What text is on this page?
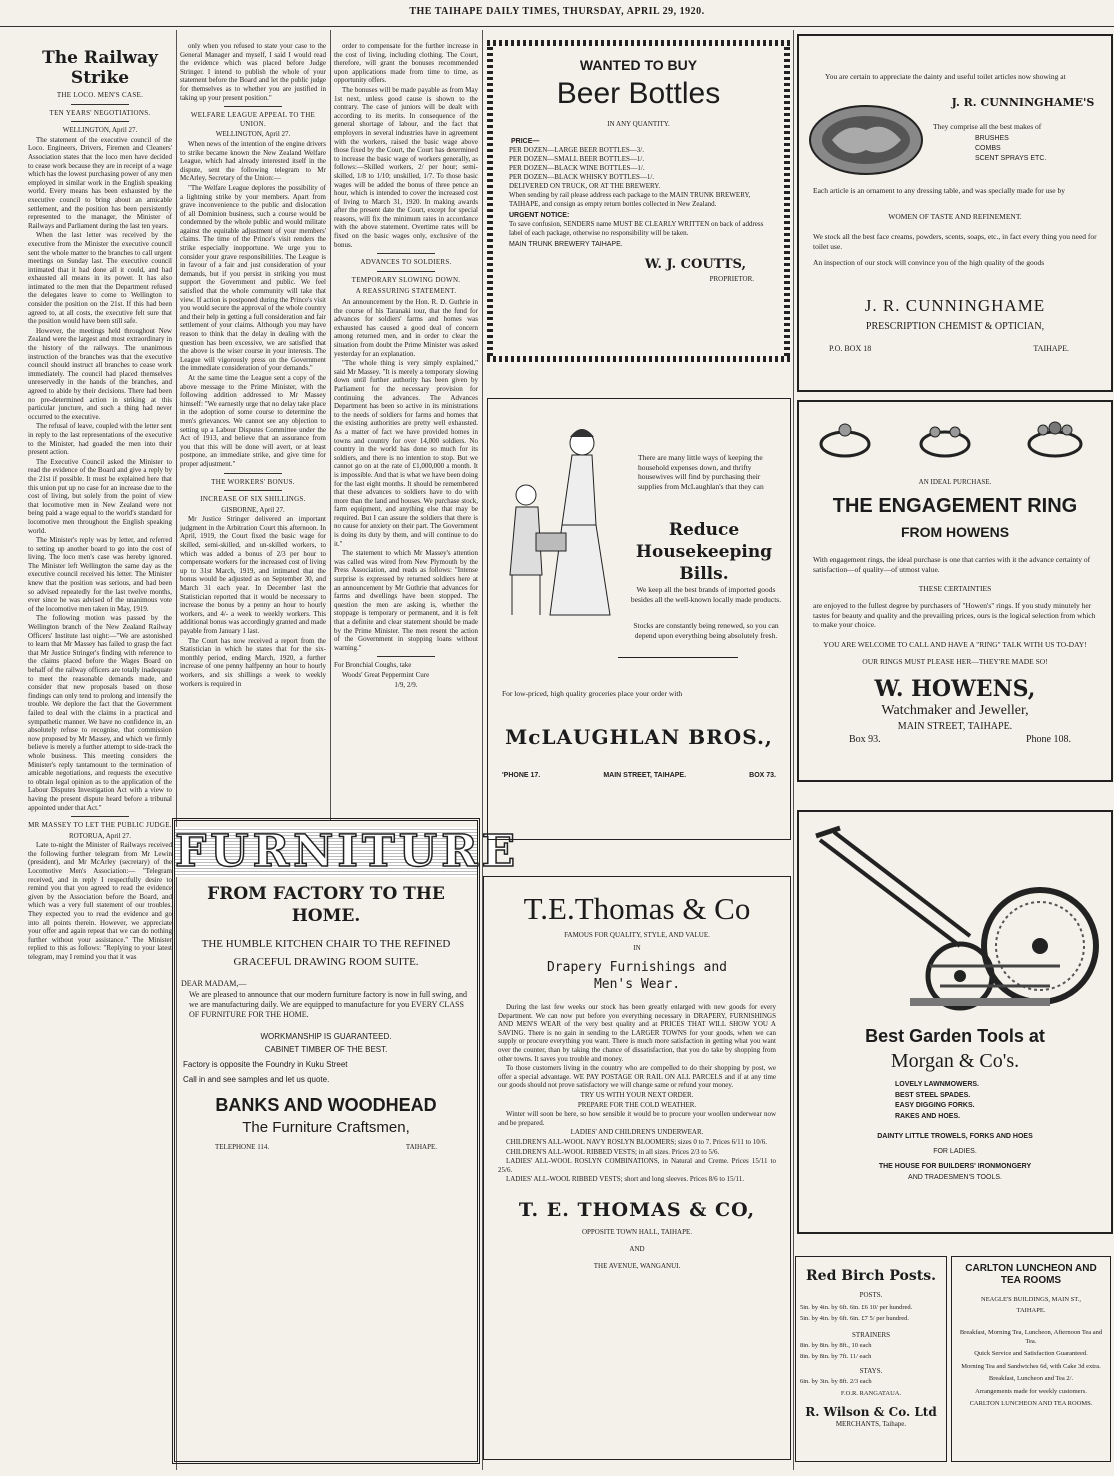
THE TAIHAPE DAILY TIMES, THURSDAY, APRIL 29, 1920.
The Railway Strike

THE LOCO. MEN'S CASE.

TEN YEARS' NEGOTIATIONS.

WELLINGTON, April 27.

The statement of the executive council of the Loco. Engineers, Drivers, Firemen and Cleaners' Association states that the loco men have decided to cease work because they are in receipt of a wage which has the lowest purchasing power of any men employed in similar work in the English speaking world. Every means has been exhausted by the executive council to bring about an amicable settlement, and the position has been persistently represented to the manager, the Minister of Railways and Parliament during the last ten years.

When the last letter was received by the executive from the Minister the executive council sent the whole matter to the branches to call urgent meetings on Sunday last. The executive council intimated that it had done all it could, and had exhausted all means in its power. It has also intimated to the men that the Department refused the delegates leave to come to Wellington to consider the position on the 21st. If this had been agreed to, at all costs, the executive felt sure that the position would have been still safe.

However, the meetings held throughout New Zealand were the largest and most extraordinary in the history of the railways. The unanimous instruction of the branches was that the executive council should instruct all branches to cease work immediately. The council had placed themselves unreservedly in the hands of the branches, and agreed to abide by their decisions. There had been no pre-determined action in striking at this particular juncture, and such a thing had never occurred to the executive.

The refusal of leave, coupled with the letter sent in reply to the last representations of the executive to the Minister, had goaded the men into their present action.

The Executive Council asked the Minister to read the evidence of the Board and give a reply by the 21st if possible. It must be explained here that this union put up no case for an increase due to the cost of living, but solely from the point of view that locomotive men in New Zealand were not being paid a wage equal to the world's standard for locomotive men throughout the English speaking world.

The Minister's reply was by letter, and referred to setting up another board to go into the cost of living. The loco men's case was hereby ignored. The Minister left Wellington the same day as the executive council received his letter. The Minister knew that the position was serious, and had been so advised repeatedly for the last twelve months, ever since he was advised of the unanimous vote of the locomotive men taken in May, 1919.

The following motion was passed by the Wellington branch of the New Zealand Railway Officers' Institute last night:—"We are astonished to learn that Mr Massey has failed to grasp the fact that Mr Justice Stringer's finding with reference to the claims placed before the Wages Board on behalf of the railway officers are totally inadequate to meet the reasonable demands made, and consider that new proposals based on those findings can only tend to prolong and intensify the trouble. We deplore the fact that the Government failed to deal with the claims in a practical and sympathetic manner. We have no confidence in, an absolutely refuse to recognise, that commission now proposed by Mr Massey, and which we firmly believe is merely a further attempt to side-track the whole business. This meeting considers the Minister's reply tantamount to the termination of amicable negotiations, and requests the executive to obtain legal opinion as to the application of the Labour Disputes Investigation Act with a view to having the present dispute heard before a tribunal appointed under that Act."

MR MASSEY TO LET THE PUBLIC JUDGE.

ROTORUA, April 27.

Late to-night the Minister of Railways received the following further telegram from Mr Lewin (president), and Mr McArley (secretary) of the Locomotive Men's Association:— "Telegram received, and in reply I respectfully desire to remind you that you agreed to read the evidence given by the Association before the Board, and which was a very full statement of our troubles. They expected you to read the evidence and go into all points therein. However, we appreciate your offer and again repeat that we can do nothing further without your assistance." The Minister replied to this as follows: "Replying to your latest telegram, may I remind you that it was

only when you refused to state your case to the General Manager and myself, I said I would read the evidence which was placed before Judge Stringer. I intend to publish the whole of your statement before the Board and let the public judge for themselves as to whether you are justified in taking up your present position."

WELFARE LEAGUE APPEAL TO THE UNION.

WELLINGTON, April 27.

When news of the intention of the engine drivers to strike became known the New Zealand Welfare League, which had already interested itself in the dispute, sent the following telegram to Mr McArley, Secretary of the Union:—

"The Welfare League deplores the possibility of a lightning strike by your members. Apart from grave inconvenience to the public and dislocation of all Dominion business, such a course would be condemned by the whole public and would militate against the equitable adjustment of your members' claims. The time of the Prince's visit renders the strike especially inopportune. We urge you to consider your grave responsibilities. The League is in favour of a fair and just consideration of your demands, but if you persist in striking you must support the Government and public. We feel satisfied that the whole community will take that view. If action is postponed during the Prince's visit you would secure the approval of the whole country and their help in getting a full consideration and fair settlement of your claims. Although you may have reason to think that the delay in dealing with the question has been excessive, we are satisfied that the above is the wiser course in your interests. The League will vigorously press on the Government the immediate consideration of your demands."

At the same time the League sent a copy of the above message to the Prime Minister, with the following addition addressed to Mr Massey himself: "We earnestly urge that no delay take place in the adoption of some course to determine the men's grievances. We cannot see any objection to setting up a Labour Disputes Committee under the Act of 1913, and believe that an assurance from you that this will be done will avert, or at least postpone, an immediate strike, and give time for proper adjustment."

THE WORKERS' BONUS.

INCREASE OF SIX SHILLINGS.

GISBORNE, April 27.

Mr Justice Stringer delivered an important judgment in the Arbitration Court this afternoon. In April, 1919, the Court fixed the basic wage for skilled, semi-skilled, and un-skilled workers, to which was added a bonus of 2/3 per hour to compensate workers for the increased cost of living up to 31st March, 1919, and intimated that the bonus would be adjusted as on September 30, and March 31 each year. In December last the Statistician reported that it would be necessary to increase the bonus by a penny an hour to hourly workers, and 4/- a week to weekly workers. This additional bonus was accordingly granted and made payable from January 1 last.

The Court has now received a report from the Statistician in which he states that for the six-monthly period, ending March, 1920, a further increase of one penny halfpenny an hour to hourly workers, and six shillings a week to weekly workers is required in

order to compensate for the further increase in the cost of living, including clothing. The Court, therefore, will grant the bonuses recommended upon applications made from time to time, as opportunity offers.

The bonuses will be made payable as from May 1st next, unless good cause is shown to the contrary. The case of juniors will be dealt with according to its merits. In consequence of the general shortage of labour, and the fact that employers in several industries have in agreement with the workers, raised the basic wage above those fixed by the Court, the Court has determined to increase the basic wage of workers generally, as follows:—Skilled workers, 2/ per hour; semi-skilled, 1/8 to 1/10; unskilled, 1/7. To those basic wages will be added the bonus of three pence an hour, which is intended to cover the increased cost of living to March 31, 1920. In making awards after the present date the Court, except for special reasons, will fix the minimum rates in accordance with the above statement. Overtime rates will be fixed on the basic wages only, exclusive of the bonus.

ADVANCES TO SOLDIERS.

TEMPORARY SLOWING DOWN.

A REASSURING STATEMENT.

An announcement by the Hon. R. D. Guthrie in the course of his Taranaki tour, that the fund for advances for soldiers' farms and homes was exhausted has caused a good deal of concern among returned men, and in order to clear the situation from doubt the Prime Minister was asked yesterday for an explanation.

"The whole thing is very simply explained," said Mr Massey. "It is merely a temporary slowing down until further authority has been given by Parliament for the necessary provision for continuing the advances. The Advances Department has been so active in its ministrations to the needs of soldiers for farms and homes that the existing authorities are pretty well exhausted. As a matter of fact we have provided homes in towns and country for over 14,000 soldiers. No country in the world has done so much for its soldiers, and there is no intention to stop. But we cannot go on at the rate of £1,000,000 a month. It is impossible. And that is what we have been doing for the last eight months. It should be remembered that these advances to soldiers have to do with more than the land and houses. We purchase stock, farm equipment, and anything else that may be required. But I can assure the soldiers that there is no cause for anxiety on their part. The Government is doing its duty by them, and will continue to do it."

The statement to which Mr Massey's attention was called was wired from New Plymouth by the Press Association, and reads as follows: "Intense surprise is expressed by returned soldiers here at an announcement by Mr Guthrie that advances for farms and dwellings have been stopped. The question the men are asking is, whether the stoppage is temporary or permanent, and it is felt that a definite and clear statement should be made by the Prime Minister. The men resent the action of the Government in stopping loans without warning."

For Bronchial Coughs, take

Woods' Great Peppermint Cure

1/9, 2/9.

FURNITURE
FROM FACTORY TO THE HOME.
THE HUMBLE KITCHEN CHAIR TO THE REFINED
GRACEFUL DRAWING ROOM SUITE.
DEAR MADAM,—
We are pleased to announce that our modern furniture factory is now in full swing, and we are manufacturing daily. We are equipped to manufacture for you EVERY CLASS OF FURNITURE FOR THE HOME.
WORKMANSHIP IS GUARANTEED.
CABINET TIMBER OF THE BEST.
Factory is opposite the Foundry in Kuku Street
Call in and see samples and let us quote.
BANKS AND WOODHEAD
The Furniture Craftsmen,
TELEPHONE 114.	TAIHAPE.
WANTED TO BUY
Beer Bottles
IN ANY QUANTITY.
PRICE—
PER DOZEN—LARGE BEER BOTTLES—3/.
PER DOZEN—SMALL BEER BOTTLES—1/.
PER DOZEN—BLACK WINE BOTTLES—1/.
PER DOZEN—BLACK WHISKY BOTTLES—1/.
DELIVERED ON TRUCK, OR AT THE BREWERY.
When sending by rail please address each package to the MAIN TRUNK BREWERY, TAIHAPE, and consign as empty return bottles collected in New Zealand.
URGENT NOTICE:
To save confusion, SENDERS name MUST BE CLEARLY WRITTEN on back of address label of each package, otherwise no responsibility will be taken.
MAIN TRUNK BREWERY TAIHAPE.
W. J. COUTTS,
PROPRIETOR.
There are many little ways of keeping the household expenses down, and thrifty housewives will find by purchasing their supplies from McLaughlan's that they can
Reduce Housekeeping Bills.
We keep all the best brands of imported goods besides all the well-known locally made products.
Stocks are constantly being renewed, so you can depend upon everything being absolutely fresh.
For low-priced, high quality groceries place your order with
McLAUGHLAN BROS.,
'PHONE 17.	MAIN STREET, TAIHAPE.	BOX 73.
T.E.Thomas & Co
FAMOUS FOR QUALITY, STYLE, AND VALUE.
IN
Drapery Furnishings and Men's Wear.

During the last few weeks our stock has been greatly enlarged with new goods for every Department. We can now put before you everything necessary in DRAPERY, FURNISHINGS AND MEN'S WEAR of the very best quality and at PRICES THAT WILL SHOW YOU A SAVING. There is no gain in sending to the LARGER TOWNS for your goods, when we can supply or procure everything you want. There is much more satisfaction in getting what you want over the counter, than by taking the chance of dissatisfaction, that you do take by shopping from other towns. It saves you trouble and money.

To those customers living in the country who are compelled to do their shopping by post, we offer a special advantage. WE PAY POSTAGE OR RAIL ON ALL PARCELS and if at any time our goods should not prove satisfactory we will change same or refund your money.

TRY US WITH YOUR NEXT ORDER.

PREPARE FOR THE COLD WEATHER.

Winter will soon be here, so how sensible it would be to procure your woollen underwear now and be prepared.

LADIES' AND CHILDREN'S UNDERWEAR.

CHILDREN'S ALL-WOOL NAVY ROSLYN BLOOMERS; sizes 0 to 7. Prices 6/11 to 10/6.

CHILDREN'S ALL-WOOL RIBBED VESTS; in all sizes. Prices 2/3 to 5/6.

LADIES' ALL-WOOL ROSLYN COMBINATIONS, in Natural and Creme. Prices 15/11 to 25/6.

LADIES' ALL-WOOL RIBBED VESTS; short and long sleeves. Prices 8/6 to 15/11.

T. E. THOMAS & CO,
OPPOSITE TOWN HALL, TAIHAPE.
AND
THE AVENUE, WANGANUI.
You are certain to appreciate the dainty and useful toilet articles now showing at
J. R. CUNNINGHAME'S
They comprise all the best makes of
BRUSHES
COMBS
SCENT SPRAYS ETC.
Each article is an ornament to any dressing table, and was specially made for use by
WOMEN OF TASTE AND REFINEMENT.
We stock all the best face creams, powders, scents, soaps, etc., in fact every thing you need for toilet use.
An inspection of our stock will convince you of the high quality of the goods
J. R. CUNNINGHAME
PRESCRIPTION CHEMIST & OPTICIAN,
P.O. BOX 18	TAIHAPE.
AN IDEAL PURCHASE.
THE ENGAGEMENT RING
FROM HOWENS
With engagement rings, the ideal purchase is one that carries with it the advance certainty of satisfaction—of quality—of utmost value.
THESE CERTAINTIES
are enjoyed to the fullest degree by purchasers of "Howen's" rings. If you study minutely her tastes for beauty and quality and the prevailing prices, ours is the logical selection from which to make your choice.
YOU ARE WELCOME TO CALL AND HAVE A "RING" TALK WITH US TO-DAY!
OUR RINGS MUST PLEASE HER—THEY'RE MADE SO!
W. HOWENS,
Watchmaker and Jeweller,
MAIN STREET, TAIHAPE.
Box 93.	Phone 108.
Best Garden Tools at
Morgan & Co's.
LOVELY LAWNMOWERS.
BEST STEEL SPADES.
EASY DIGGING FORKS.
RAKES AND HOES.
DAINTY LITTLE TROWELS, FORKS AND HOES
FOR LADIES.
THE HOUSE FOR BUILDERS' IRONMONGERY
AND TRADESMEN'S TOOLS.
Red Birch Posts.
POSTS.
5in. by 4in. by 6ft. 6in. £6 10/ per hundred.
5in. by 4in. by 6ft. 6in. £7 5/ per hundred.
STRAINERS
8in. by 8in. by 8ft., 10 each
8in. by 8in. by 7ft. 11/ each
STAYS.
6in. by 3in. by 8ft. 2/3 each
F.O.R. RANGATAUA.
R. Wilson & Co. Ltd
MERCHANTS, Taihape.
CARLTON LUNCHEON AND TEA ROOMS
NEAGLE'S BUILDINGS, MAIN ST.,
TAIHAPE.
Breakfast, Morning Tea, Luncheon, Afternoon Tea and Tea.
Quick Service and Satisfaction Guaranteed.
Morning Tea and Sandwiches 6d, with Cake 3d extra.
Breakfast, Luncheon and Tea 2/.
Arrangements made for weekly customers.
CARLTON LUNCHEON AND TEA ROOMS.
